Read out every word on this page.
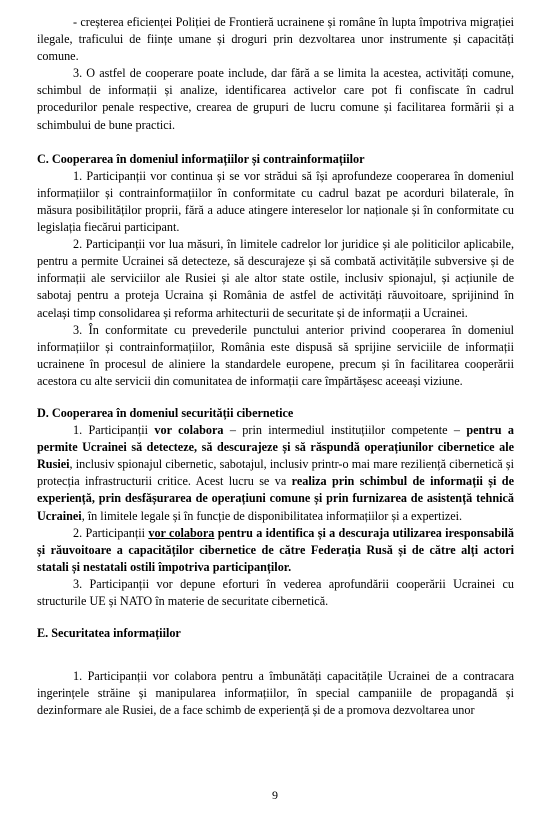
- creșterea eficienței Poliției de Frontieră ucrainene și române în lupta împotriva migrației ilegale, traficului de ființe umane și droguri prin dezvoltarea unor instrumente și capacități comune.

3. O astfel de cooperare poate include, dar fără a se limita la acestea, activități comune, schimbul de informații și analize, identificarea activelor care pot fi confiscate în cadrul procedurilor penale respective, crearea de grupuri de lucru comune și facilitarea formării și a schimbului de bune practici.

C. Cooperarea în domeniul informațiilor și contrainformațiilor

1. Participanții vor continua și se vor strădui să își aprofundeze cooperarea în domeniul informațiilor și contrainformațiilor în conformitate cu cadrul bazat pe acorduri bilaterale, în măsura posibilităților proprii, fără a aduce atingere intereselor lor naționale și în conformitate cu legislația fiecărui participant.

2. Participanții vor lua măsuri, în limitele cadrelor lor juridice și ale politicilor aplicabile, pentru a permite Ucrainei să detecteze, să descurajeze și să combată activitățile subversive și de informații ale serviciilor ale Rusiei și ale altor state ostile, inclusiv spionajul, și acțiunile de sabotaj pentru a proteja Ucraina și România de astfel de activități răuvoitoare, sprijinind în același timp consolidarea și reforma arhitecturii de securitate și de informații a Ucrainei.

3. În conformitate cu prevederile punctului anterior privind cooperarea în domeniul informațiilor și contrainformațiilor, România este dispusă să sprijine serviciile de informații ucrainene în procesul de aliniere la standardele europene, precum și în facilitarea cooperării acestora cu alte servicii din comunitatea de informații care împărtășesc aceeași viziune.

D. Cooperarea în domeniul securității cibernetice

1. Participanții vor colabora – prin intermediul instituțiilor competente – pentru a permite Ucrainei să detecteze, să descurajeze și să răspundă operațiunilor cibernetice ale Rusiei, inclusiv spionajul cibernetic, sabotajul, inclusiv printr-o mai mare reziliență cibernetică și protecția infrastructurii critice. Acest lucru se va realiza prin schimbul de informații și de experiență, prin desfășurarea de operațiuni comune și prin furnizarea de asistență tehnică Ucrainei, în limitele legale și în funcție de disponibilitatea informațiilor și a expertizei.

2. Participanții vor colabora pentru a identifica și a descuraja utilizarea iresponsabilă și răuvoitoare a capacităților cibernetice de către Federația Rusă și de către alți actori statali și nestatali ostili împotriva participanților.

3. Participanții vor depune eforturi în vederea aprofundării cooperării Ucrainei cu structurile UE și NATO în materie de securitate cibernetică.

E. Securitatea informațiilor

1. Participanții vor colabora pentru a îmbunătăți capacitățile Ucrainei de a contracara ingerințele străine și manipularea informațiilor, în special campaniile de propagandă și dezinformare ale Rusiei, de a face schimb de experiență și de a promova dezvoltarea unor

9
